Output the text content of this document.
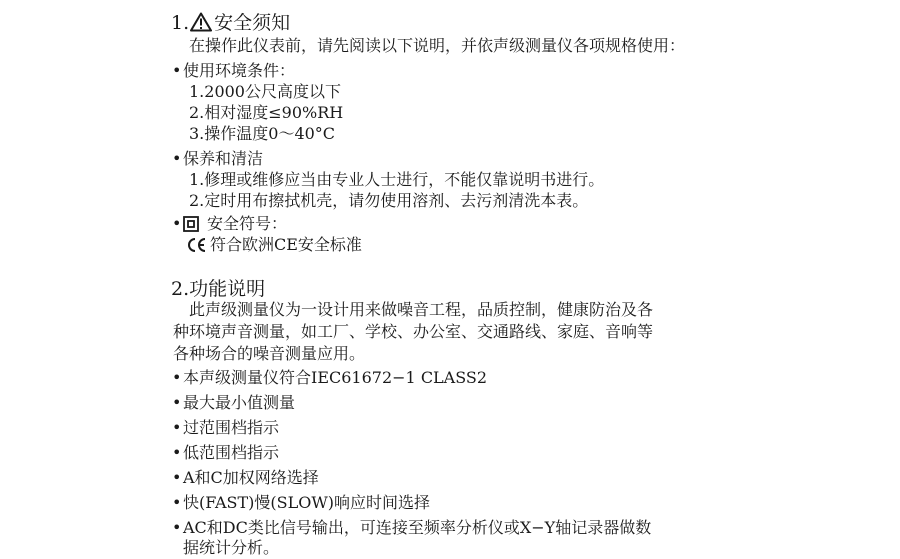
1. 安全须知
在操作此仪表前，请先阅读以下说明，并依声级测量仪各项规格使用：
使用环境条件：
1.2000公尺高度以下
2.相对湿度≤90%RH
3.操作温度0～40°C
保养和清洁
1.修理或维修应当由专业人士进行，不能仅靠说明书进行。
2.定时用布擦拭机壳，请勿使用溶剂、去污剂清洗本表。
安全符号：
符合欧洲CE安全标准
2.功能说明
此声级测量仪为一设计用来做噪音工程，品质控制，健康防治及各
种环境声音测量，如工厂、学校、办公室、交通路线、家庭、音响等
各种场合的噪音测量应用。
本声级测量仪符合IEC61672−1 CLASS2
最大最小值测量
过范围档指示
低范围档指示
A和C加权网络选择
快(FAST)慢(SLOW)响应时间选择
AC和DC类比信号输出，可连接至频率分析仪或X−Y轴记录器做数
据统计分析。
